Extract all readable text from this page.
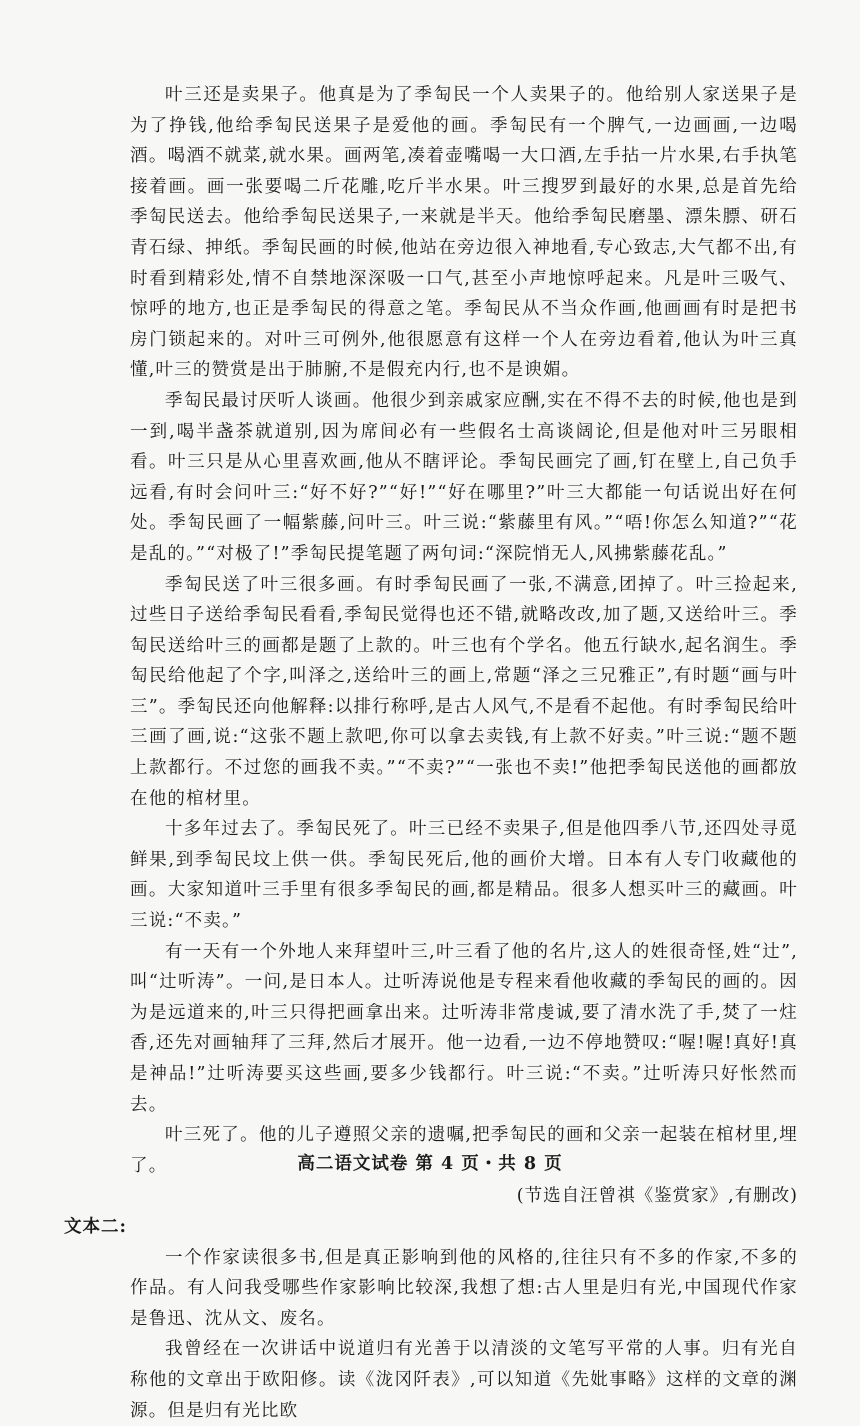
叶三还是卖果子。他真是为了季匋民一个人卖果子的。他给别人家送果子是为了挣钱,他给季匋民送果子是爱他的画。季匋民有一个脾气,一边画画,一边喝酒。喝酒不就菜,就水果。画两笔,凑着壶嘴喝一大口酒,左手拈一片水果,右手执笔接着画。画一张要喝二斤花雕,吃斤半水果。叶三搜罗到最好的水果,总是首先给季匋民送去。他给季匋民送果子,一来就是半天。他给季匋民磨墨、漂朱膘、研石青石绿、抻纸。季匋民画的时候,他站在旁边很入神地看,专心致志,大气都不出,有时看到精彩处,情不自禁地深深吸一口气,甚至小声地惊呼起来。凡是叶三吸气、惊呼的地方,也正是季匋民的得意之笔。季匋民从不当众作画,他画画有时是把书房门锁起来的。对叶三可例外,他很愿意有这样一个人在旁边看着,他认为叶三真懂,叶三的赞赏是出于肺腑,不是假充内行,也不是谀媚。

季匋民最讨厌听人谈画。他很少到亲戚家应酬,实在不得不去的时候,他也是到一到,喝半盏茶就道别,因为席间必有一些假名士高谈阔论,但是他对叶三另眼相看。叶三只是从心里喜欢画,他从不瞎评论。季匋民画完了画,钉在壁上,自己负手远看,有时会问叶三:“好不好?”“好!”“好在哪里?”叶三大都能一句话说出好在何处。季匋民画了一幅紫藤,问叶三。叶三说:“紫藤里有风。”“唔!你怎么知道?”“花是乱的。”“对极了!”季匋民提笔题了两句词:“深院悄无人,风拂紫藤花乱。”

季匋民送了叶三很多画。有时季匋民画了一张,不满意,团掉了。叶三捡起来,过些日子送给季匋民看看,季匋民觉得也还不错,就略改改,加了题,又送给叶三。季匋民送给叶三的画都是题了上款的。叶三也有个学名。他五行缺水,起名润生。季匋民给他起了个字,叫泽之,送给叶三的画上,常题“泽之三兄雅正”,有时题“画与叶三”。季匋民还向他解释:以排行称呼,是古人风气,不是看不起他。有时季匋民给叶三画了画,说:“这张不题上款吧,你可以拿去卖钱,有上款不好卖。”叶三说:“题不题上款都行。不过您的画我不卖。”“不卖?”“一张也不卖!”他把季匋民送他的画都放在他的棺材里。

十多年过去了。季匋民死了。叶三已经不卖果子,但是他四季八节,还四处寻觅鲜果,到季匋民坟上供一供。季匋民死后,他的画价大增。日本有人专门收藏他的画。大家知道叶三手里有很多季匋民的画,都是精品。很多人想买叶三的藏画。叶三说:“不卖。”

有一天有一个外地人来拜望叶三,叶三看了他的名片,这人的姓很奇怪,姓“辻”,叫“辻听涛”。一问,是日本人。辻听涛说他是专程来看他收藏的季匋民的画的。因为是远道来的,叶三只得把画拿出来。辻听涛非常虔诚,要了清水洗了手,焚了一炷香,还先对画轴拜了三拜,然后才展开。他一边看,一边不停地赞叹:“喔!喔!真好!真是神品!”辻听涛要买这些画,要多少钱都行。叶三说:“不卖。”辻听涛只好怅然而去。

叶三死了。他的儿子遵照父亲的遗嘱,把季匋民的画和父亲一起装在棺材里,埋了。

(节选自汪曾祺《鉴赏家》,有删改)

文本二:

一个作家读很多书,但是真正影响到他的风格的,往往只有不多的作家,不多的作品。有人问我受哪些作家影响比较深,我想了想:古人里是归有光,中国现代作家是鲁迅、沈从文、废名。

我曾经在一次讲话中说道归有光善于以清淡的文笔写平常的人事。归有光自称他的文章出于欧阳修。读《泷冈阡表》,可以知道《先妣事略》这样的文章的渊源。但是归有光比欧

高二语文试卷 第 4 页・共 8 页
